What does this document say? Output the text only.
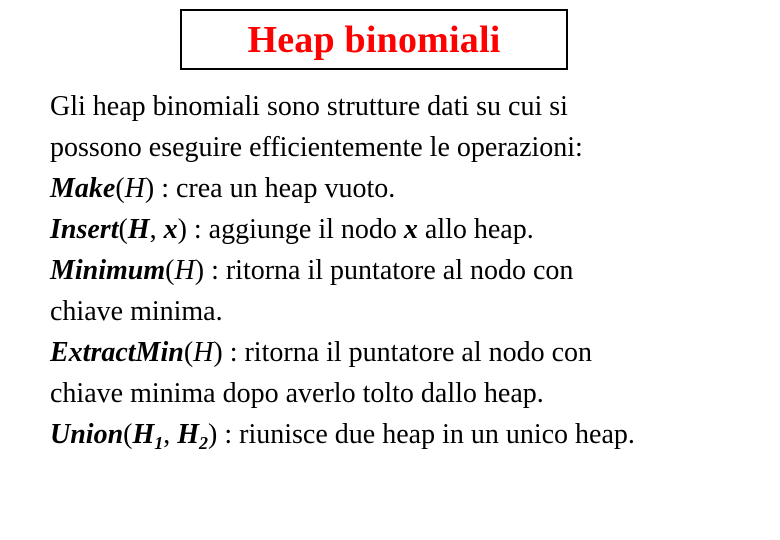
Heap binomiali
Gli heap binomiali sono strutture dati su cui si
possono eseguire efficientemente le operazioni:
Make(H) : crea un heap vuoto.
Insert(H, x) : aggiunge il nodo x allo heap.
Minimum(H) : ritorna il puntatore al nodo con
chiave minima.
ExtractMin(H) : ritorna il puntatore al nodo con
chiave minima dopo averlo tolto dallo heap.
$Union(H_1$, $H_2$) : riunisce due heap in un unico heap.
